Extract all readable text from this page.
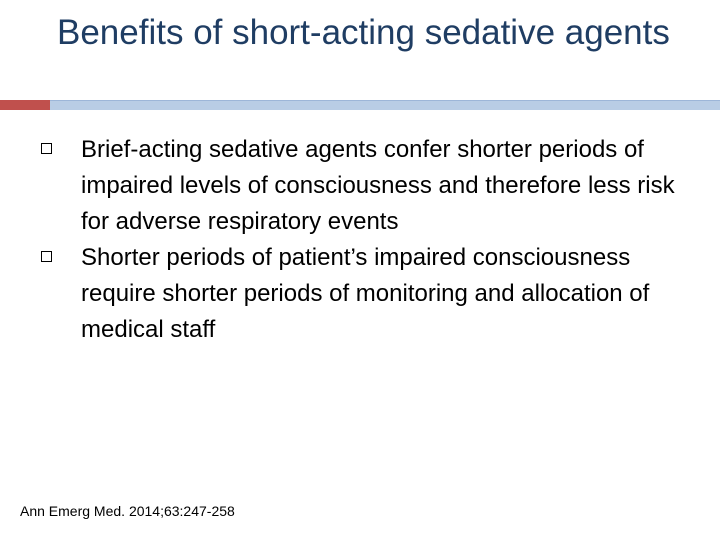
Benefits of short-acting sedative agents
Brief-acting sedative agents confer shorter periods of impaired levels of consciousness and therefore less risk for adverse respiratory events
Shorter periods of patient’s impaired consciousness require shorter periods of monitoring and allocation of medical staff
Ann Emerg Med. 2014;63:247-258
